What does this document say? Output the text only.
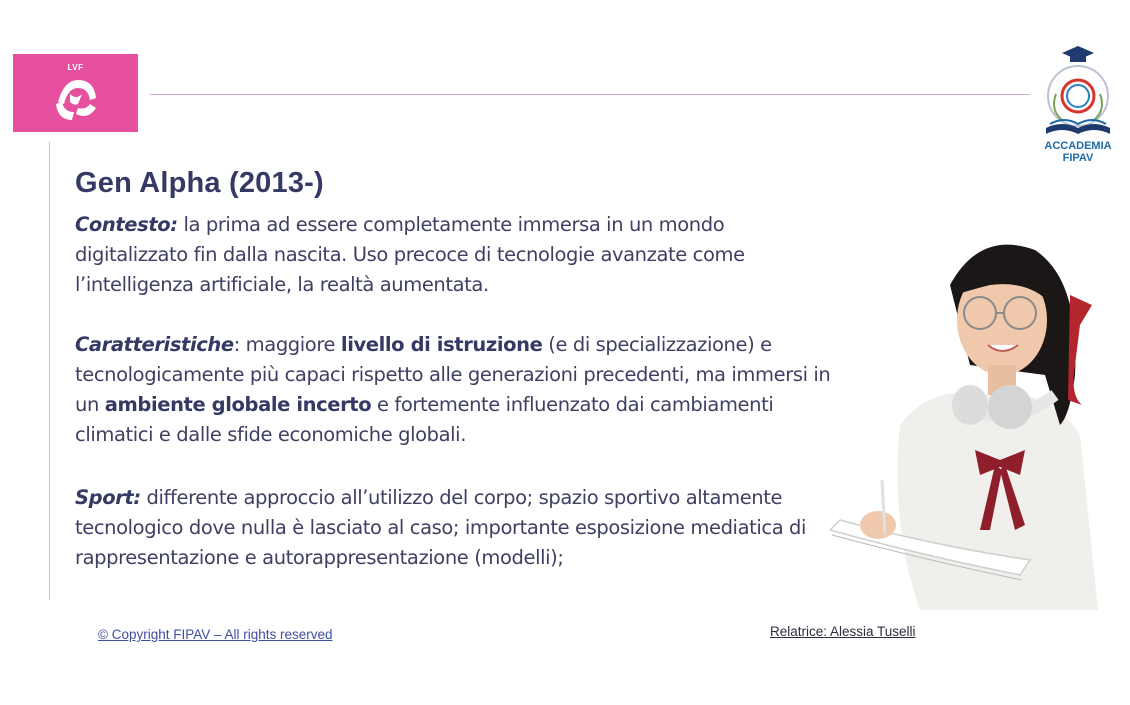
LVF
ACCADEMIA
FIPAV
Gen Alpha (2013-)
Contesto: la prima ad essere completamente immersa in un mondo digitalizzato fin dalla nascita. Uso precoce di tecnologie avanzate come l’intelligenza artificiale, la realtà aumentata.
Caratteristiche: maggiore livello di istruzione (e di specializzazione) e tecnologicamente più capaci rispetto alle generazioni precedenti, ma immersi in un ambiente globale incerto e fortemente influenzato dai cambiamenti climatici e dalle sfide economiche globali.
Sport: differente approccio all’utilizzo del corpo; spazio sportivo altamente tecnologico dove nulla è lasciato al caso; importante esposizione mediatica di rappresentazione e autorappresentazione (modelli);
© Copyright FIPAV – All rights reserved	Relatrice: Alessia Tuselli
